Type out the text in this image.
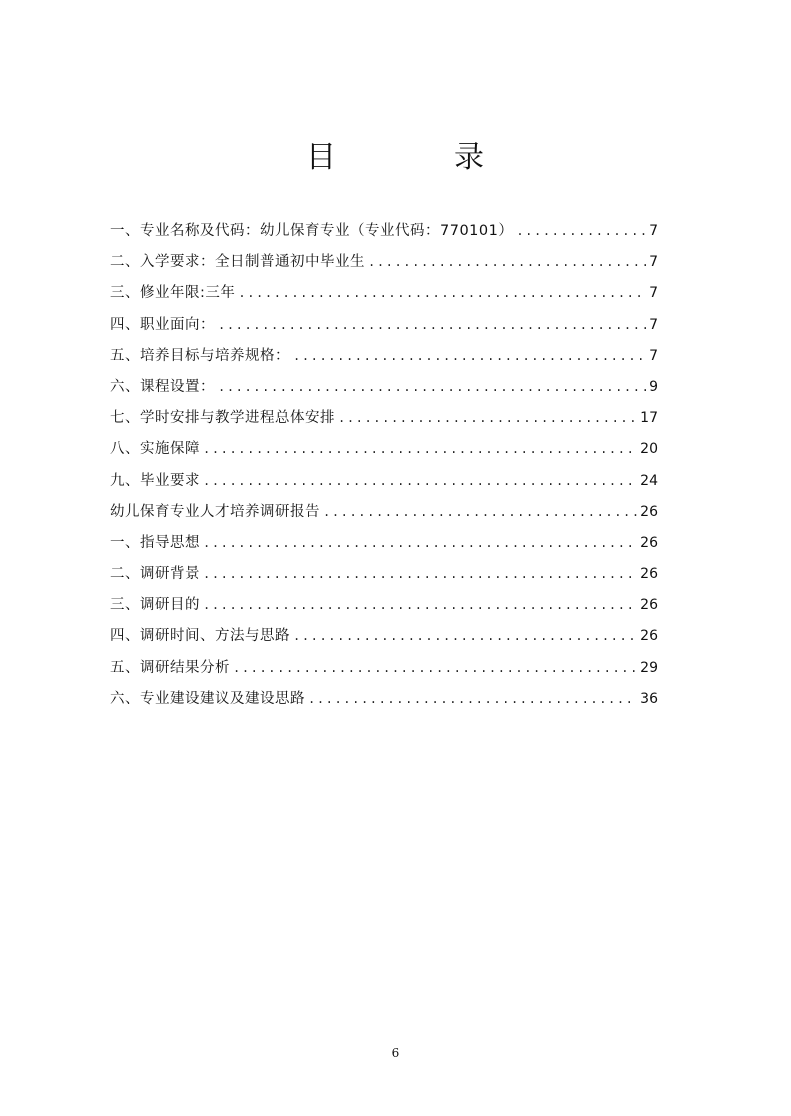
目	录
一、专业名称及代码：幼儿保育专业（专业代码：770101） .....	7
二、入学要求：全日制普通初中毕业生 .....	7
三、修业年限:三年 .....	7
四、职业面向： .....	7
五、培养目标与培养规格： .....	7
六、课程设置： .....	9
七、学时安排与教学进程总体安排 .....	17
八、实施保障 .....	20
九、毕业要求 .....	24
幼儿保育专业人才培养调研报告 .....	26
一、指导思想 .....	26
二、调研背景 .....	26
三、调研目的 .....	26
四、调研时间、方法与思路 .....	26
五、调研结果分析 .....	29
六、专业建设建议及建设思路 .....	36
6
